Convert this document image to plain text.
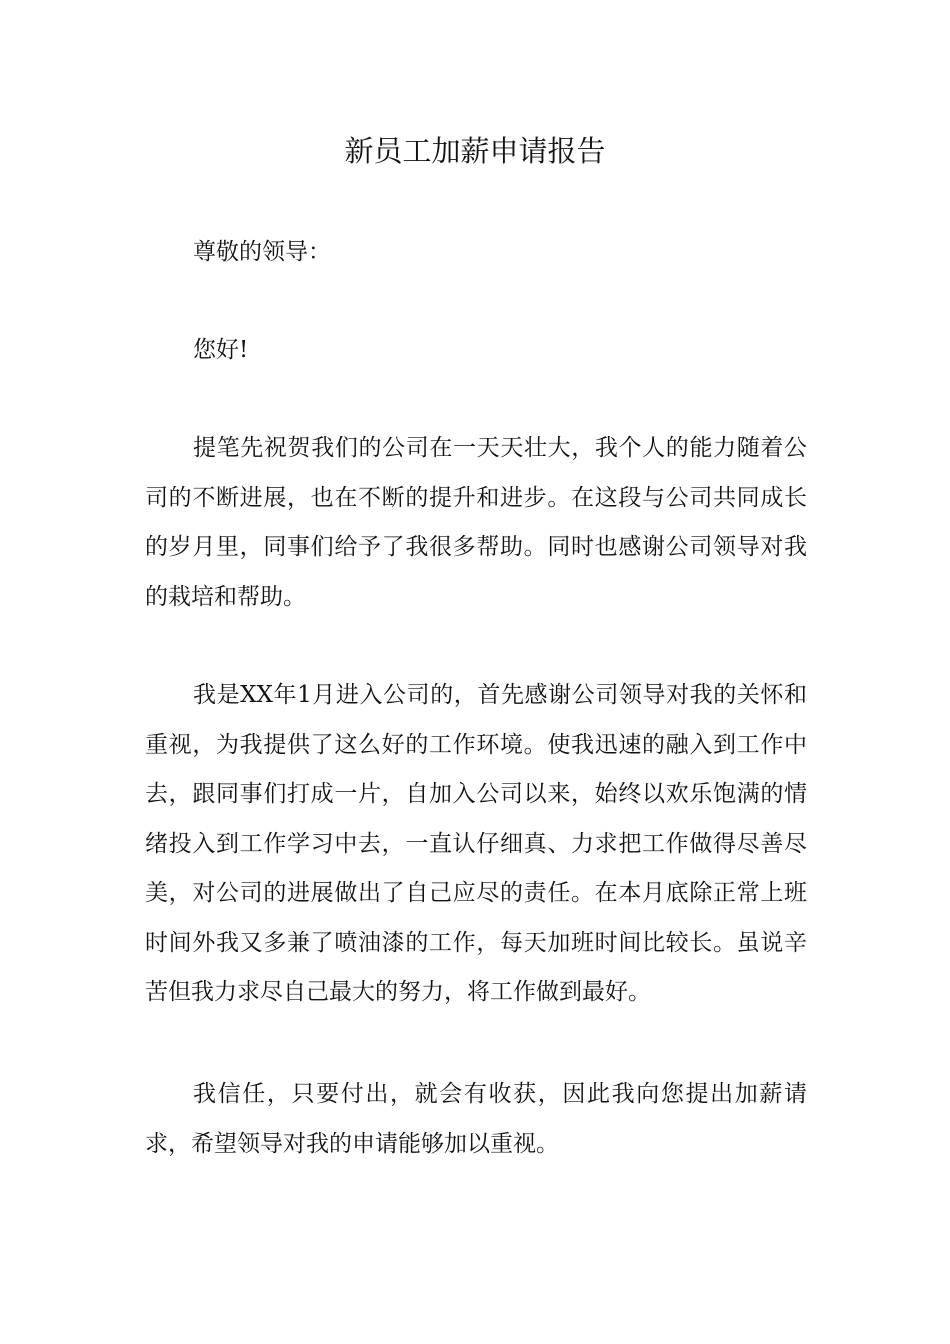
新员工加薪申请报告

尊敬的领导：

您好!

提笔先祝贺我们的公司在一天天壮大，我个人的能力随着公司的不断进展，也在不断的提升和进步。在这段与公司共同成长的岁月里，同事们给予了我很多帮助。同时也感谢公司领导对我的栽培和帮助。

我是XX年1月进入公司的，首先感谢公司领导对我的关怀和重视，为我提供了这么好的工作环境。使我迅速的融入到工作中去，跟同事们打成一片，自加入公司以来，始终以欢乐饱满的情绪投入到工作学习中去，一直认仔细真、力求把工作做得尽善尽美，对公司的进展做出了自己应尽的责任。在本月底除正常上班时间外我又多兼了喷油漆的工作，每天加班时间比较长。虽说辛苦但我力求尽自己最大的努力，将工作做到最好。

我信任，只要付出，就会有收获，因此我向您提出加薪请求，希望领导对我的申请能够加以重视。
